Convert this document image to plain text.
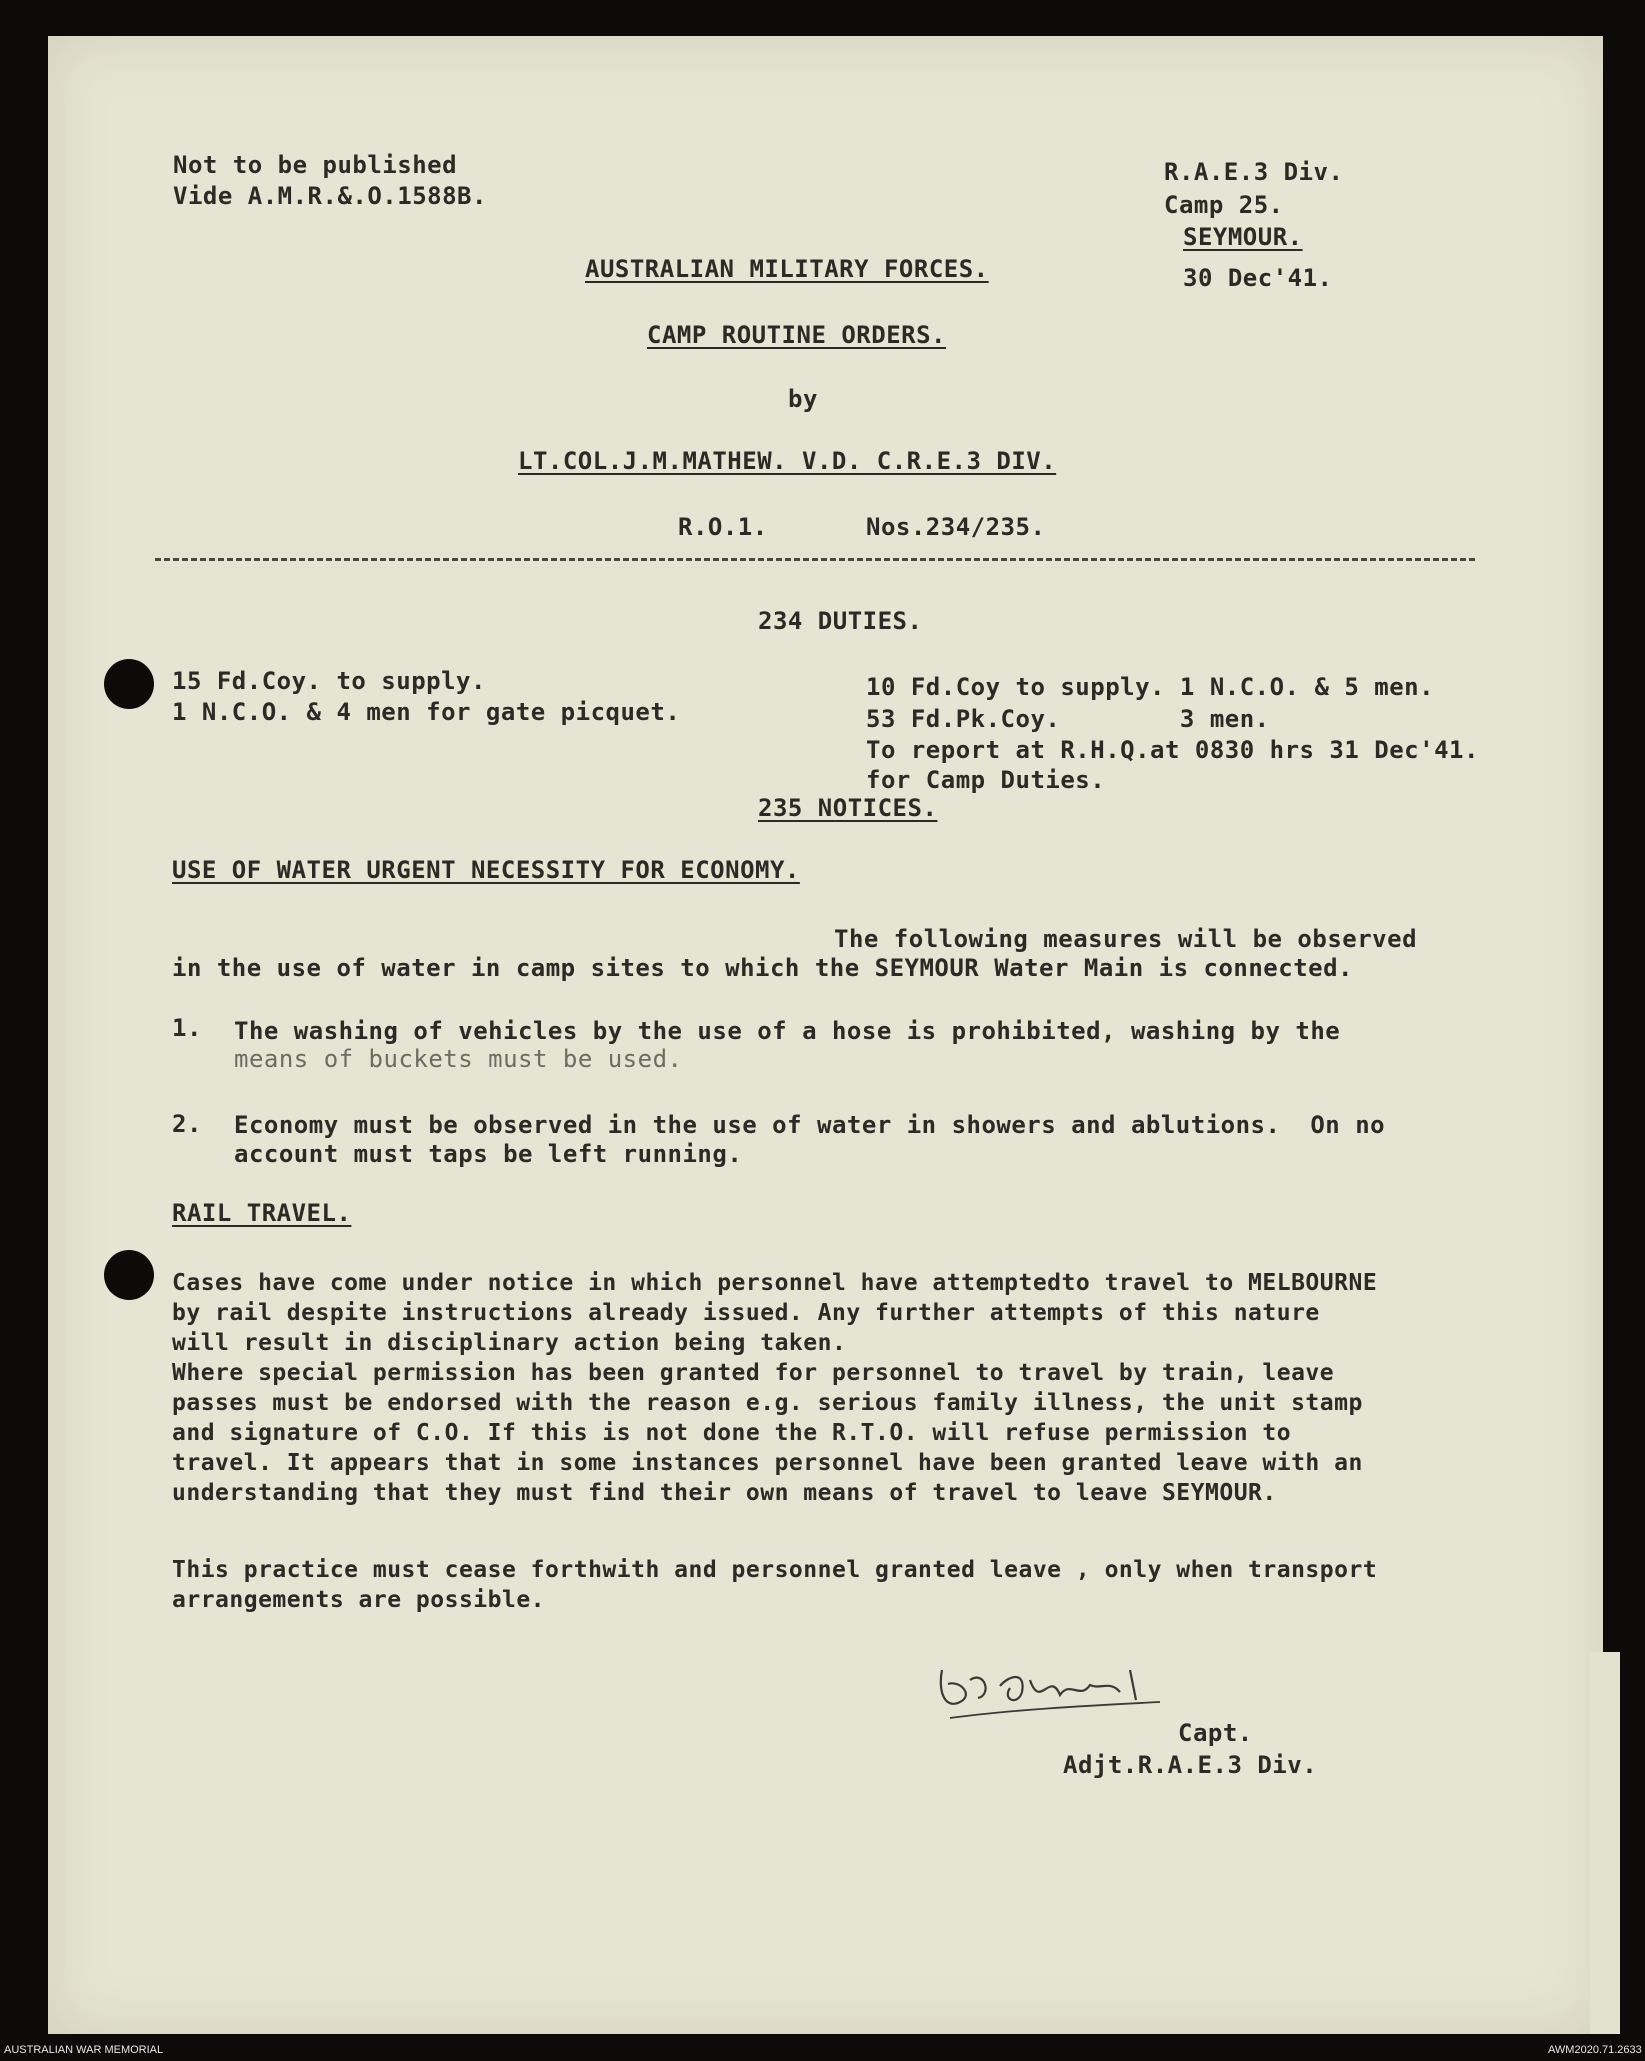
Not to be published
Vide A.M.R.&.O.1588B.
R.A.E.3 Div.
Camp 25.
SEYMOUR.
30 Dec'41.
AUSTRALIAN MILITARY FORCES.
CAMP ROUTINE ORDERS.
by
LT.COL.J.M.MATHEW. V.D. C.R.E.3 DIV.
R.O.1.	Nos.234/235.
234 DUTIES.
15 Fd.Coy. to supply.
1 N.C.O. & 4 men for gate picquet.
10 Fd.Coy to supply. 1 N.C.O. & 5 men.
53 Fd.Pk.Coy.        3 men.
To report at R.H.Q.at 0830 hrs 31 Dec'41.
for Camp Duties.
235 NOTICES.
USE OF WATER URGENT NECESSITY FOR ECONOMY.
The following measures will be observed
in the use of water in camp sites to which the SEYMOUR Water Main is connected.
1. The washing of vehicles by the use of a hose is prohibited, washing by the
means of buckets must be used.
2. Economy must be observed in the use of water in showers and ablutions.  On no
account must taps be left running.
RAIL TRAVEL.
Cases have come under notice in which personnel have attemptedto travel to MELBOURNE
by rail despite instructions already issued. Any further attempts of this nature
will result in disciplinary action being taken.
Where special permission has been granted for personnel to travel by train, leave
passes must be endorsed with the reason e.g. serious family illness, the unit stamp
and signature of C.O. If this is not done the R.T.O. will refuse permission to
travel. It appears that in some instances personnel have been granted leave with an
understanding that they must find their own means of travel to leave SEYMOUR.
This practice must cease forthwith and personnel granted leave , only when transport
arrangements are possible.
Capt.
Adjt.R.A.E.3 Div.
AUSTRALIAN WAR MEMORIAL	AWM2020.71.2633
